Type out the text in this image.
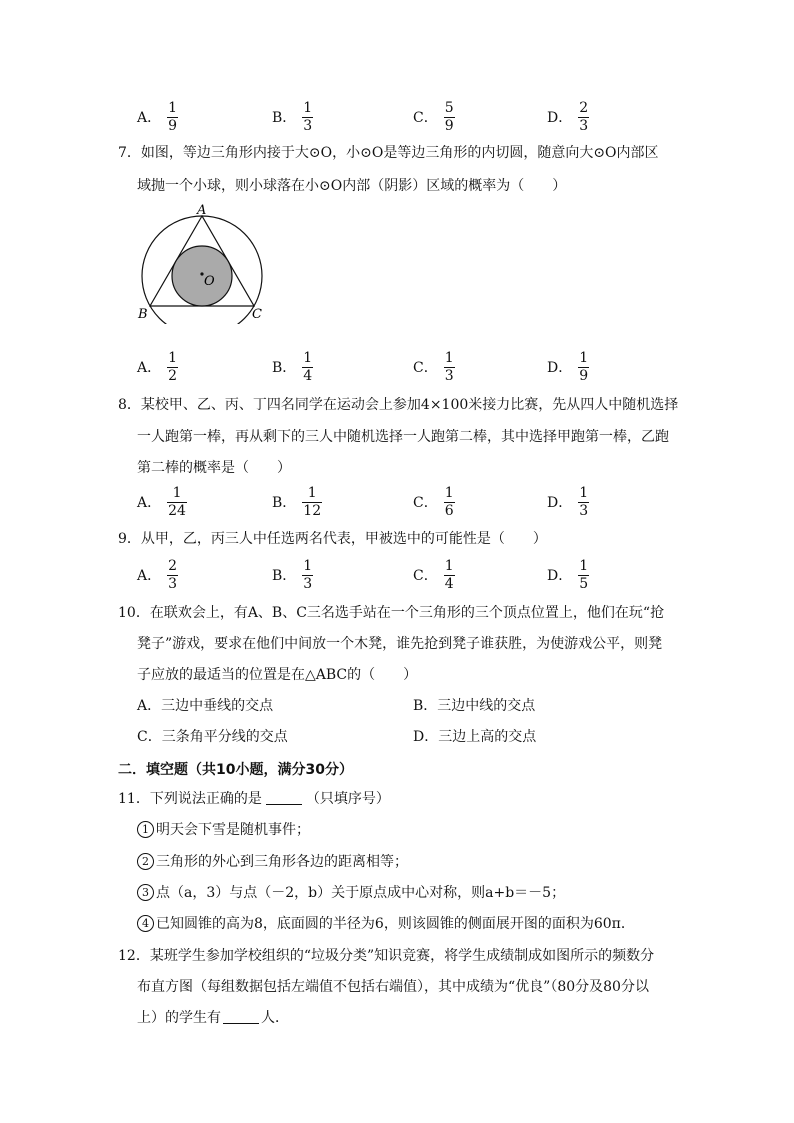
A． $\frac{1}{9}$	B． $\frac{1}{3}$	C． $\frac{5}{9}$	D． $\frac{2}{3}$
7．如图，等边三角形内接于大⊙O，小⊙O是等边三角形的内切圆，随意向大⊙O内部区
域抛一个小球，则小球落在小⊙O内部（阴影）区域的概率为（　　）
O
A
B	C
A． $\frac{1}{2}$	B． $\frac{1}{4}$	C． $\frac{1}{3}$	D． $\frac{1}{9}$
8．某校甲、乙、丙、丁四名同学在运动会上参加4×100米接力比赛，先从四人中随机选择
一人跑第一棒，再从剩下的三人中随机选择一人跑第二棒，其中选择甲跑第一棒，乙跑
第二棒的概率是（　　）
A． $\frac{1}{24}$	B． $\frac{1}{12}$	C． $\frac{1}{6}$	D． $\frac{1}{3}$
9．从甲，乙，丙三人中任选两名代表，甲被选中的可能性是（　　）
A． $\frac{2}{3}$	B． $\frac{1}{3}$	C． $\frac{1}{4}$	D． $\frac{1}{5}$
10．在联欢会上，有A、B、C三名选手站在一个三角形的三个顶点位置上，他们在玩“抢
凳子”游戏，要求在他们中间放一个木凳，谁先抢到凳子谁获胜，为使游戏公平，则凳
子应放的最适当的位置是在△ABC的（　　）
A．三边中垂线的交点	B．三边中线的交点
C．三条角平分线的交点	D．三边上高的交点
二．填空题（共10小题，满分30分）
11．下列说法正确的是	（只填序号）
1 明天会下雪是随机事件；
2 三角形的外心到三角形各边的距离相等；
3 点（a，3）与点（－2，b）关于原点成中心对称，则a+b＝－5；
4 已知圆锥的高为8，底面圆的半径为6，则该圆锥的侧面展开图的面积为60π．
12．某班学生参加学校组织的“垃圾分类”知识竞赛，将学生成绩制成如图所示的频数分
布直方图（每组数据包括左端值不包括右端值），其中成绩为“优良”（80分及80分以
上）的学生有	人．
